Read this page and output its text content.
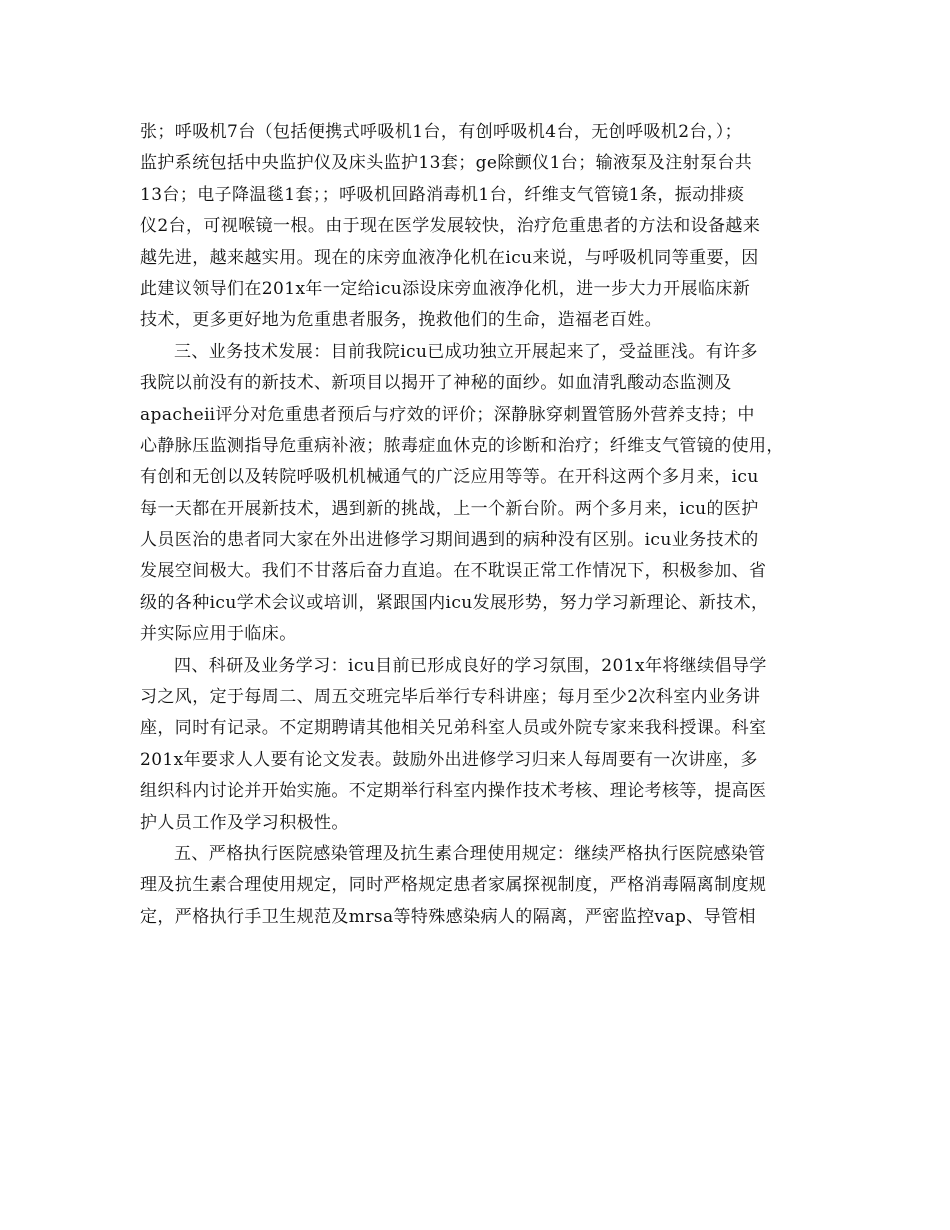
张；呼吸机7台（包括便携式呼吸机1台，有创呼吸机4台，无创呼吸机2台，）；
监护系统包括中央监护仪及床头监护13套；ge除颤仪1台；输液泵及注射泵台共
13台；电子降温毯1套；；呼吸机回路消毒机1台，纤维支气管镜1条，振动排痰
仪2台，可视喉镜一根。由于现在医学发展较快，治疗危重患者的方法和设备越来
越先进，越来越实用。现在的床旁血液净化机在icu来说，与呼吸机同等重要，因
此建议领导们在201x年一定给icu添设床旁血液净化机，进一步大力开展临床新
技术，更多更好地为危重患者服务，挽救他们的生命，造福老百姓。
三、业务技术发展：目前我院icu已成功独立开展起来了，受益匪浅。有许多
我院以前没有的新技术、新项目以揭开了神秘的面纱。如血清乳酸动态监测及
apacheⅱ评分对危重患者预后与疗效的评价；深静脉穿刺置管肠外营养支持；中
心静脉压监测指导危重病补液；脓毒症血休克的诊断和治疗；纤维支气管镜的使用，
有创和无创以及转院呼吸机机械通气的广泛应用等等。在开科这两个多月来，icu
每一天都在开展新技术，遇到新的挑战，上一个新台阶。两个多月来，icu的医护
人员医治的患者同大家在外出进修学习期间遇到的病种没有区别。icu业务技术的
发展空间极大。我们不甘落后奋力直追。在不耽误正常工作情况下，积极参加、省
级的各种icu学术会议或培训，紧跟国内icu发展形势，努力学习新理论、新技术，
并实际应用于临床。
四、科研及业务学习：icu目前已形成良好的学习氛围，201x年将继续倡导学
习之风，定于每周二、周五交班完毕后举行专科讲座；每月至少2次科室内业务讲
座，同时有记录。不定期聘请其他相关兄弟科室人员或外院专家来我科授课。科室
201x年要求人人要有论文发表。鼓励外出进修学习归来人每周要有一次讲座，多
组织科内讨论并开始实施。不定期举行科室内操作技术考核、理论考核等，提高医
护人员工作及学习积极性。
五、严格执行医院感染管理及抗生素合理使用规定：继续严格执行医院感染管
理及抗生素合理使用规定，同时严格规定患者家属探视制度，严格消毒隔离制度规
定，严格执行手卫生规范及mrsa等特殊感染病人的隔离，严密监控vap、导管相
